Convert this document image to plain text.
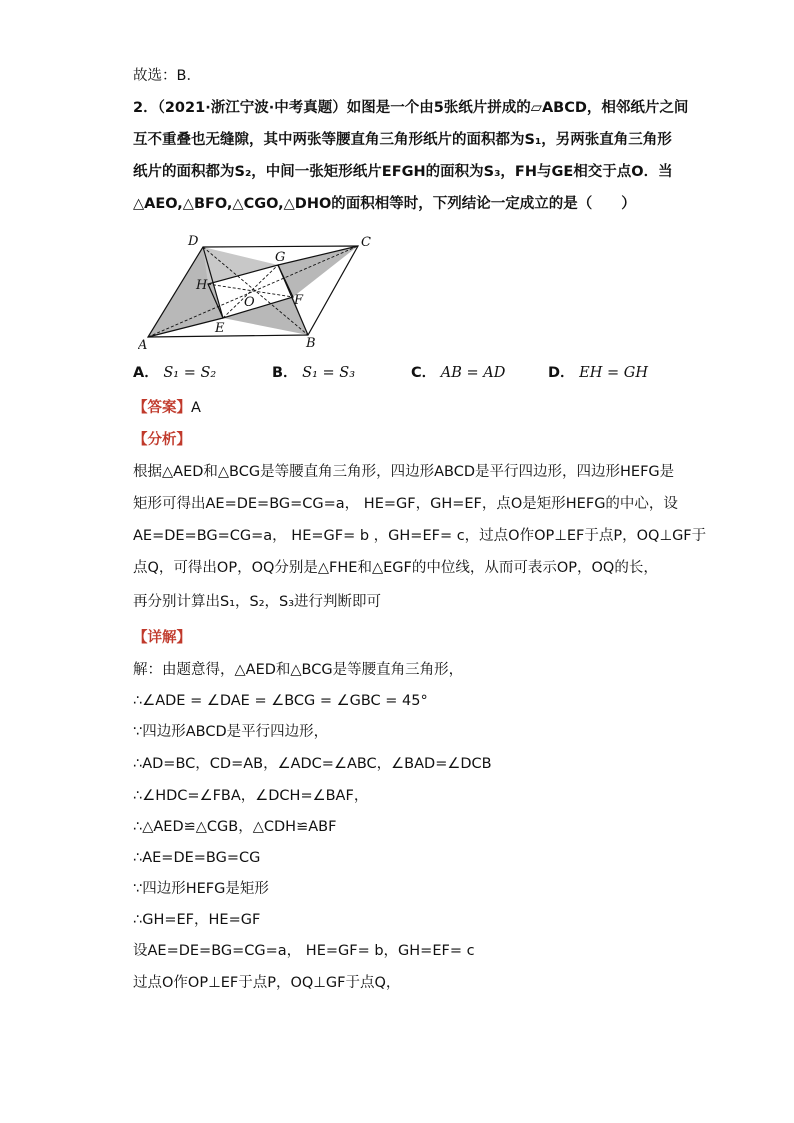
故选：B．
2．（2021·浙江宁波·中考真题）如图是一个由5张纸片拼成的▱ABCD，相邻纸片之间
互不重叠也无缝隙，其中两张等腰直角三角形纸片的面积都为S₁，另两张直角三角形
纸片的面积都为S₂，中间一张矩形纸片EFGH的面积为S₃，FH与GE相交于点O．当
△AEO,△BFO,△CGO,△DHO的面积相等时，下列结论一定成立的是（　　）
D	C
A	B
E
F
G
H
O
A． S₁ = S₂	B． S₁ = S₃	C． AB = AD	D． EH = GH
【答案】A
【分析】
根据△AED和△BCG是等腰直角三角形，四边形ABCD是平行四边形，四边形HEFG是
矩形可得出AE=DE=BG=CG=a， HE=GF，GH=EF，点O是矩形HEFG的中心，设
AE=DE=BG=CG=a， HE=GF= b ，GH=EF= c，过点O作OP⊥EF于点P，OQ⊥GF于
点Q，可得出OP，OQ分别是△FHE和△EGF的中位线，从而可表示OP，OQ的长，
再分别计算出S₁，S₂，S₃进行判断即可
【详解】
解：由题意得，△AED和△BCG是等腰直角三角形，
∴∠ADE = ∠DAE = ∠BCG = ∠GBC = 45°
∵四边形ABCD是平行四边形，
∴AD=BC，CD=AB，∠ADC=∠ABC，∠BAD=∠DCB
∴∠HDC=∠FBA，∠DCH=∠BAF，
∴△AED≌△CGB，△CDH≌ABF
∴AE=DE=BG=CG
∵四边形HEFG是矩形
∴GH=EF，HE=GF
设AE=DE=BG=CG=a， HE=GF= b，GH=EF= c
过点O作OP⊥EF于点P，OQ⊥GF于点Q，
